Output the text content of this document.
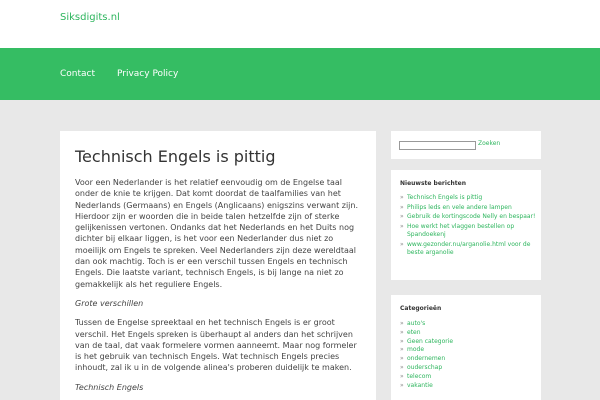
Siksdigits.nl
Contact Privacy Policy
Technisch Engels is pittig

Voor een Nederlander is het relatief eenvoudig om de Engelse taal onder de knie te krijgen. Dat komt doordat de taalfamilies van het Nederlands (Germaans) en Engels (Anglicaans) enigszins verwant zijn. Hierdoor zijn er woorden die in beide talen hetzelfde zijn of sterke gelijkenissen vertonen. Ondanks dat het Nederlands en het Duits nog dichter bij elkaar liggen, is het voor een Nederlander dus niet zo moeilijk om Engels te spreken. Veel Nederlanders zijn deze wereldtaal dan ook machtig. Toch is er een verschil tussen Engels en technisch Engels. Die laatste variant, technisch Engels, is bij lange na niet zo gemakkelijk als het reguliere Engels.

Grote verschillen

Tussen de Engelse spreektaal en het technisch Engels is er groot verschil. Het Engels spreken is überhaupt al anders dan het schrijven van de taal, dat vaak formelere vormen aanneemt. Maar nog formeler is het gebruik van technisch Engels. Wat technisch Engels precies inhoudt, zal ik u in de volgende alinea's proberen duidelijk te maken.

Technisch Engels

Zoeken
Nieuwste berichten
» Technisch Engels is pittig
» Philips leds en vele andere lampen
» Gebruik de kortingscode Nelly en bespaar!
» Hoe werkt het vlaggen bestellen op Spandoekenj
» www.gezonder.nu/arganolie.html voor de beste arganolie
Categorieën
» auto's
» eten
» Geen categorie
» mode
» ondernemen
» ouderschap
» telecom
» vakantie
